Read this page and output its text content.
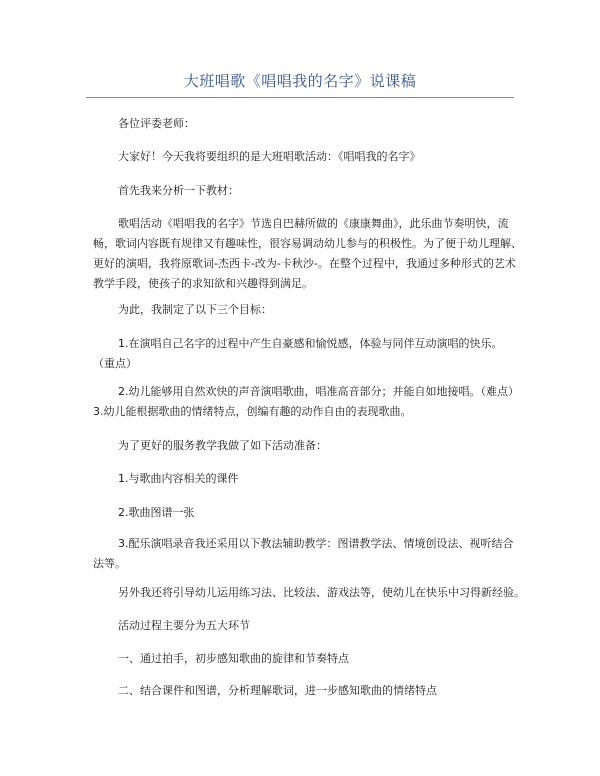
大班唱歌《唱唱我的名字》说课稿

各位评委老师：

大家好！今天我将要组织的是大班唱歌活动：《唱唱我的名字》

首先我来分析一下教材：

歌唱活动《唱唱我的名字》节选自巴赫所做的《康康舞曲》，此乐曲节奏明快，流

畅，歌词内容既有规律又有趣味性，很容易调动幼儿参与的积极性。为了便于幼儿理解、

更好的演唱，我将原歌词-杰西卡-改为-卡秋沙-。在整个过程中，我通过多种形式的艺术

教学手段，使孩子的求知欲和兴趣得到满足。

为此，我制定了以下三个目标：

1.在演唱自己名字的过程中产生自豪感和愉悦感，体验与同伴互动演唱的快乐。

（重点）

2.幼儿能够用自然欢快的声音演唱歌曲，唱准高音部分；并能自如地接唱。（难点）

3.幼儿能根据歌曲的情绪特点，创编有趣的动作自由的表现歌曲。

为了更好的服务教学我做了如下活动准备：

1.与歌曲内容相关的课件

2.歌曲图谱一张

3.配乐演唱录音我还采用以下教法辅助教学：图谱教学法、情境创设法、视听结合

法等。

另外我还将引导幼儿运用练习法、比较法、游戏法等，使幼儿在快乐中习得新经验。

活动过程主要分为五大环节

一、通过拍手，初步感知歌曲的旋律和节奏特点

二、结合课件和图谱，分析理解歌词，进一步感知歌曲的情绪特点
